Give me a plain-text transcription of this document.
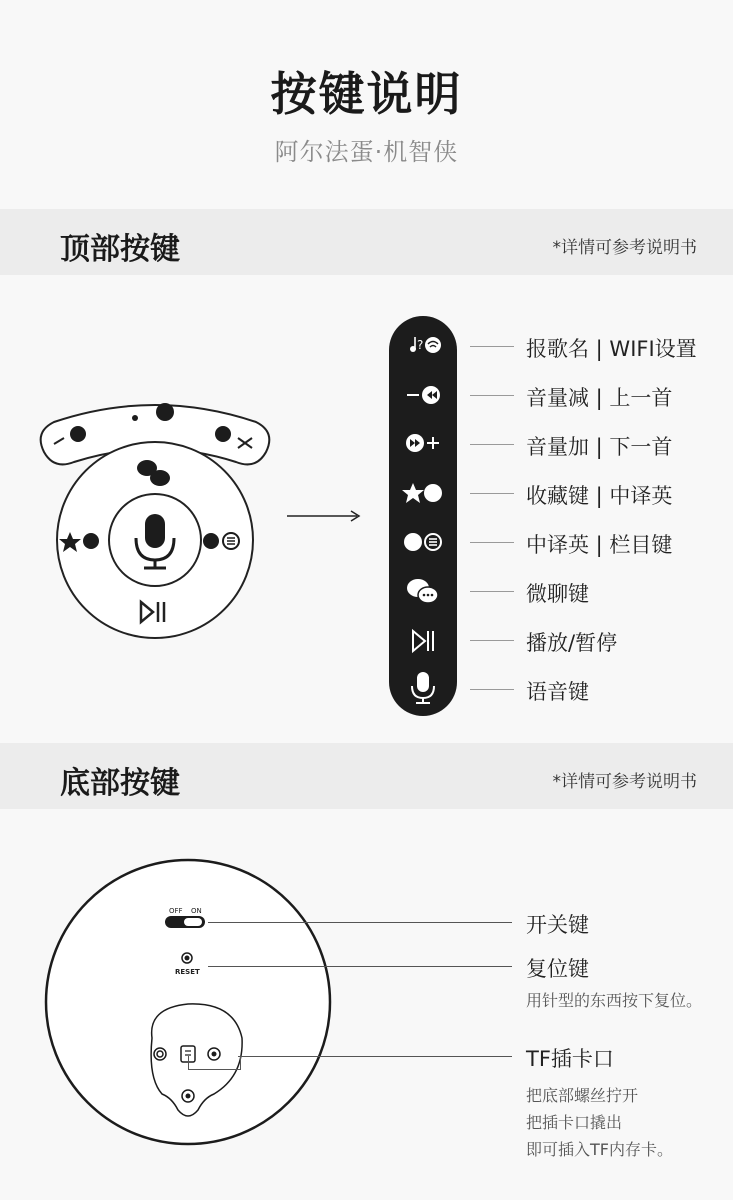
按键说明
阿尔法蛋·机智侠
顶部按键	*详情可参考说明书
?	报歌名 | WIFI设置
音量减 | 上一首
音量加 | 下一首
收藏键 | 中译英
中译英 | 栏目键
微聊键
播放/暂停
语音键
底部按键	*详情可参考说明书
OFF ON
RESET
开关键
复位键
用针型的东西按下复位。
TF插卡口
把底部螺丝拧开
把插卡口撬出
即可插入TF内存卡。
